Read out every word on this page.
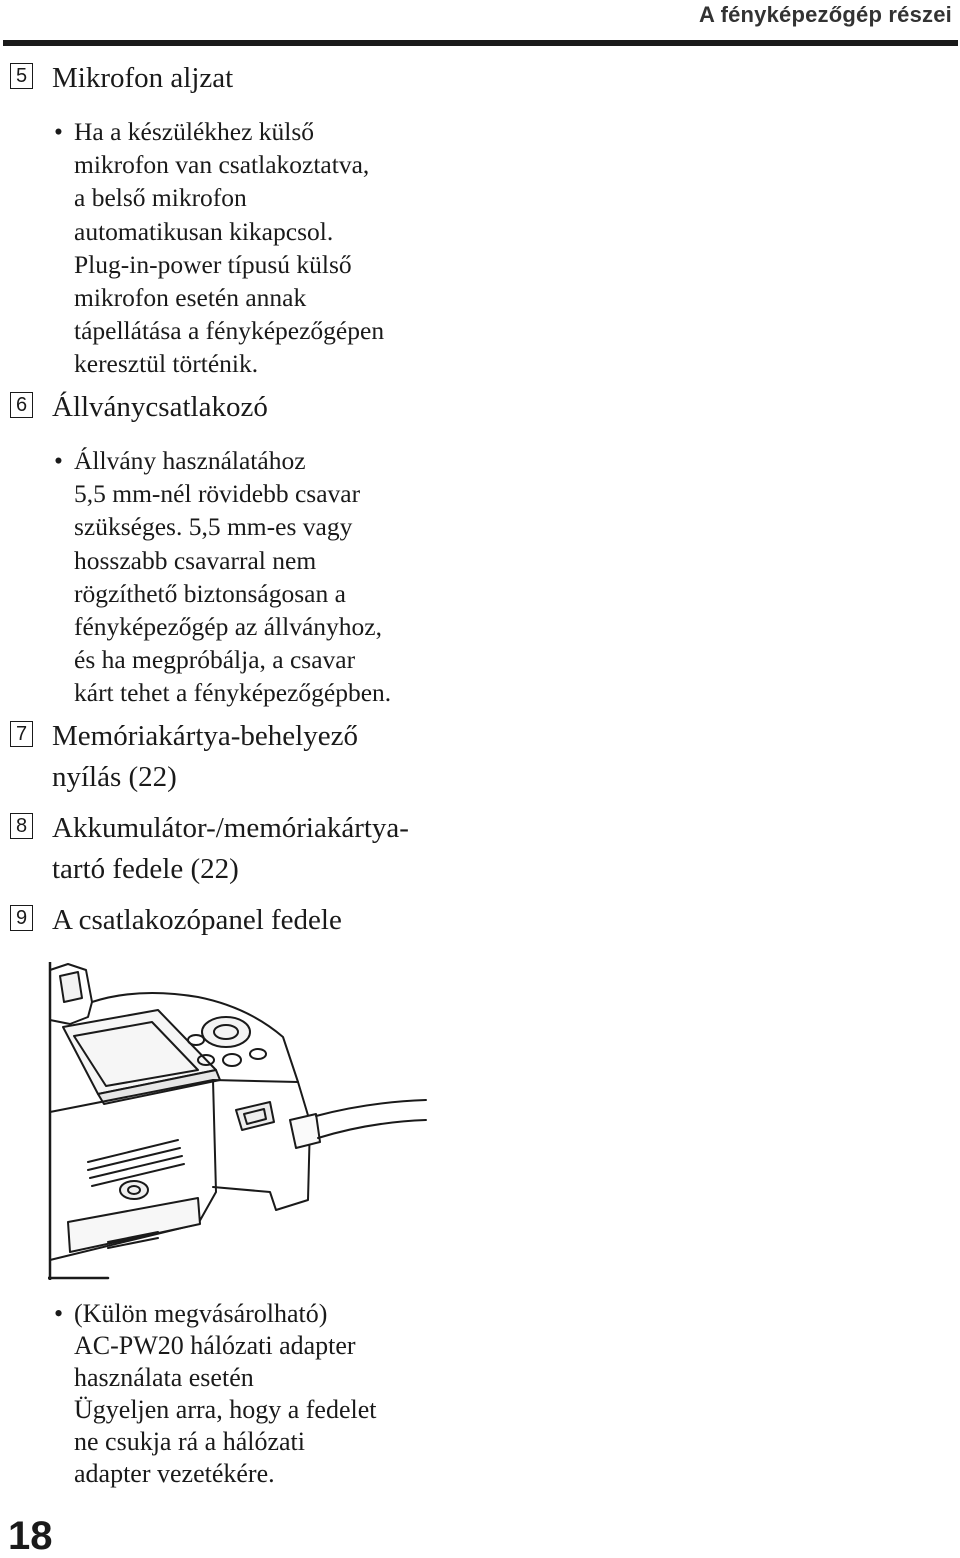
A fényképezőgép részei
5 Mikrofon aljzat
• Ha a készülékhez külső
mikrofon van csatlakoztatva,
a belső mikrofon
automatikusan kikapcsol.
Plug-in-power típusú külső
mikrofon esetén annak
tápellátása a fényképezőgépen
keresztül történik.
6 Állványcsatlakozó
• Állvány használatához
5,5 mm-nél rövidebb csavar
szükséges. 5,5 mm-es vagy
hosszabb csavarral nem
rögzíthető biztonságosan a
fényképezőgép az állványhoz,
és ha megpróbálja, a csavar
kárt tehet a fényképezőgépben.
7 Memóriakártya-behelyező
nyílás (22)
8 Akkumulátor-/memóriakártya-
tartó fedele (22)
9 A csatlakozópanel fedele
• (Külön megvásárolható)
AC-PW20 hálózati adapter
használata esetén
Ügyeljen arra, hogy a fedelet
ne csukja rá a hálózati
adapter vezetékére.
18
